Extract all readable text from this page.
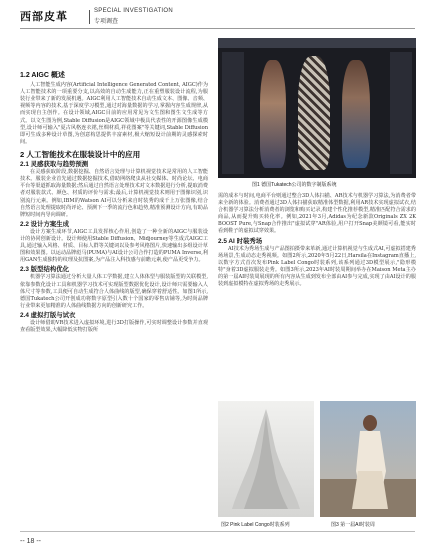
西部皮革	SPECIAL INVESTIGATION
专项调查
1.2 AIGC 概述

人工智能生成内容(Artificial Intelligence Generated Content, AIGC)作为人工智能技术的一项重要分支,以高效的自动生成能力,正在重塑服装设计流程,为服装行业带来了新的发展机遇。AIGC利用人工智能技术自动生成文本、图像、音频、视频等内容的技术,基于深度学习模型,通过对海量数据的学习,掌握内容生成规律,从而实现自主创作。在设计领域,AIGC目前的应用常见为文生图和图生文生成等方式。以文生图为例,Stable Diffusion是AIGC领域中极具代表性的开源图像生成模型,设计师可输入"夏古风格连衣裙,丝绸材质,祥花图案"等关键词,Stable Diffusion即可生成多种设计草图,为创意构思提供丰富素材,极大缩短设计前期的灵感探索时间。

2 人工智能技术在服装设计中的应用
2.1 灵感获取与趋势预测

在灵感获取阶段,数据挖掘、自然语言处理与计算机视觉技术是常用的人工智能技术。服装企业首先通过数据挖掘技术,借助网络爬虫从社交媒体、时尚论坛、电商平台等渠道抓取海量数据;然后通过自然语言处理技术对文本数据进行分析,提取消费者对服装款式、颜色、材质的评价与需求;最后,计算机视觉技术则用于图像识别,识别流行元素。例如,IBM的Watson AI可以分析来自时装秀的成千上万张图像,结合自然语言处理提取时尚评论、预测下一季的流行色和趋势,精准预测设计方向,有助品牌短时间内导向调研。

2.2 设计方案生成

设计方案生成环节,AIGC工具发挥核心作用,创造了一种全新的AIGC与服装设计的协同创新设计。设计师使用Stable Diffusion、Midjourney等生成式AIGC工具,通过输入风格、材质、目标人群等关键词以及参考风格图片,快速输出多组设计草图和效果图。以运动品牌彪马(PUMA)与AI设计公司合作打造的PUMA Inverse,利用GAN生成独特的纹理及抗图案,为产品注入科技感与前瞻元素,使产品更受争力。

2.3 版型结构优化

机器学习算法通过分析大量人体工学数据,建立人体体型与服装版型的关联模型,依靠参数化设计工具和机器学习技术可实现版型数据优化设计,设计师只需要输入人体尺寸等参数,工具便可自动生成符合人体曲线的版型,确保穿着舒适性。如图1所示,德国Tukatech公司开创成功将数字原型引入数十个国家的零售店铺等,为时尚品牌行业带来更加精准的人体曲线数据方向的创新研究工作。

2.4 虚拟打版与试衣

设计师借助VR技术进入虚拟环境,进行3D打版操作,可实时调整设计参数并直观查看版型效果,大幅降低实物打版所

图1 德国Tukatech公司的数字制版系统

需的成本与时间,电商平台则通过整合3D人体扫描、AR技术与机器学习算法,为消费者带来全新的体验。消费者通过3D人体扫描获取精准体型数据,利用AR技术实现虚拟试衣,结合机器学习算法分析消费者的浏览和购买记录,构建个性化推荐模型,精准匹配符合需求的商品,从而提升购买转化率。例如,2021年3月,Adidas为纪念新款Originals ZX 2K BOOST Pure,与Snap合作推出"虚拟试穿"AR体验,用户打开Snap美颜镜可看,能实时看到鞋子的虚拟试穿效果。

2.5 AI 时装秀场

AI技术为秀场生成与产品图拍摄带来革新,通过计算机视觉与生成式AI,可虚拟搭建秀场场景,生成动态走秀视频。如图2所示,2020年5月22日,Harsila在Instagram直播上,以数字方式首次发布Pink Label Congo时装系列,该系列通过3D模型展示,"隐形模特"身着3D虚拟服装走秀。如图3所示,2023年AI时装周期间举办在Maison Meta主办的第一届AI时装周展现的所有内容从生成到发布全部由AI参与完成,实现了由AI设计的服装到虚拟模特在虚拟秀场的走秀展示。

图2 Pink Label Congo时装系列	图3 第一届AI时装周
-- 18 --
